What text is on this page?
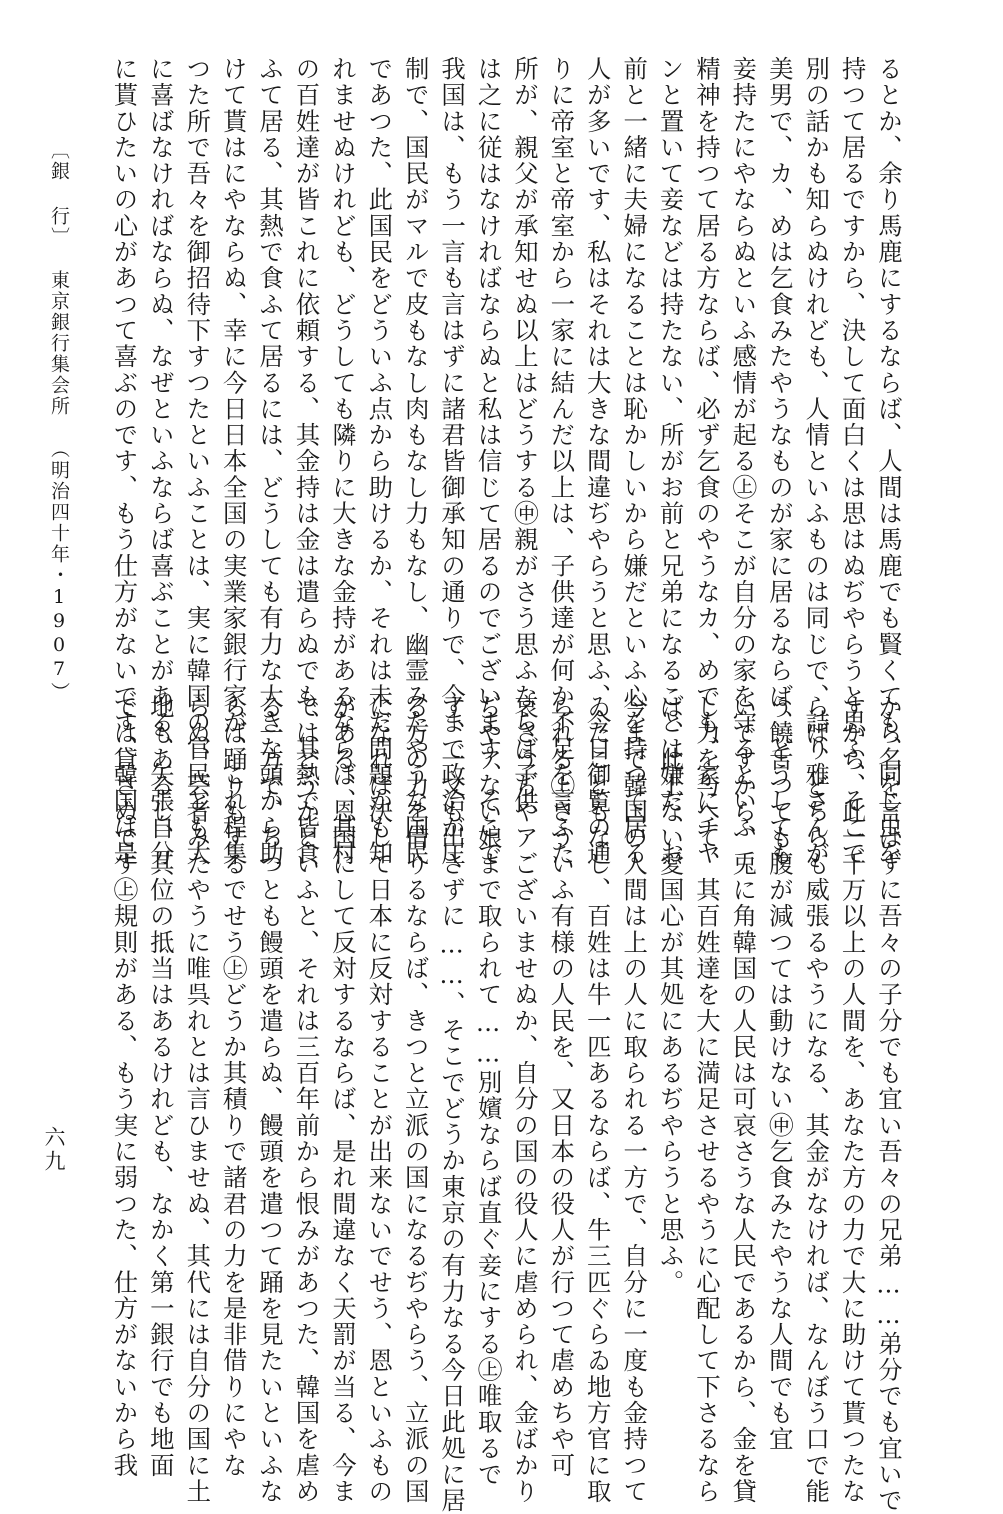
るとか、余り馬鹿にするならば、人間は馬鹿でも賢くても、同じ虫を
持つて居るですから、決して面白くは思はぬぢやらうと思ふ、そこで
別の話かも知らぬけれども、人情といふものは同じで、詰り雅さんが
美男で、カ、めは乞食みたやうなものが家に居るならば、どうしても
妾持たにやならぬといふ感情が起る㊤そこが自分の家を守るといふ
精神を持つて居る方ならば、必ず乞食のやうなカ、めでも、家にチヤ
ンと置いて妾などは持たない、所がお前と兄弟になることは嫌だ、お
前と一緒に夫婦になることは恥かしいから嫌だといふ心を持つて居る
人が多いです、私はそれは大きな間違ぢやらうと思ふ、今日御覧の通
りに帝室と帝室から一家に結んだ以上は、子供達が何か不足を言ふた
所が、親父が承知せぬ以上はどうする㊥親がさう思ふならば子供
は之に従はなければならぬと私は信じて居るのでございます、そこで
我国は、もう一言も言はずに諸君皆御承知の通りで、今まで政治が圧
制で、国民がマルで皮もなし肉もなし力もなし、幽霊みたやうな国民
であつた、此国民をどういふ点から助けるか、それは未だ問題かも知
れませぬけれども、どうしても隣りに大きな金持があるならば、其村
の百姓達が皆これに依頼する、其金持は金は遣らぬでも、其熱で皆食
ふて居る、其熱で食ふて居るには、どうしても有力な大きな頭から助
けて貰はにやならぬ、幸に今日日本全国の実業家銀行家が、これ程集
つた所で吾々を御招待下すつたといふことは、実に韓国の官民とも大
に喜ばなければならぬ、なぜといふならば喜ぶことがある、矢張自分
に貰ひたいの心があつて喜ぶのです、もう仕方がないです、韓国は是
から名を言はずに吾々の子分でも宜い吾々の兄弟……弟分でも宜いで
すから、此一千万以上の人間を、あなた方の力で大に助けて貰つたな
らば、どちらも威張るやうになる、其金がなければ、なんぼう口で能
う饒舌つても腹が減つては動けない㊥乞食みたやうな人間でも宜
いですから、兎に角韓国の人民は可哀さうな人民であるから、金を貸
し力を与へて、其百姓達を大に満足させるやうに心配して下さるなら
ば、此上ない愛国心が其処にあるぢやらうと思ふ。
今まで韓国の人間は上の人に取られる一方で、自分に一度も金持つて
ゐたこともなし、百姓は牛一匹あるならば、牛三匹ぐらゐ地方官に取
られる㊤さういふ有様の人民を、又日本の役人が行つて虐めちや可
哀さうぢやアございませぬか、自分の国の役人に虐められ、金ばかり
ぢやアない娘まで取られて……別嬪ならば直ぐ妾にする㊤唯取るで
す、一文も出さずに……、そこでどうか東京の有力なる今日此処に居
る方の力を借りるならば、きつと立派の国になるぢやらう、立派の国
になれば決して日本に反対することが出来ないでせう、恩といふもの
がある、恩国にして反対するならば、是れ間違なく天罰が当る、今ま
ではどうかといふと、それは三百年前から恨みがあつた、韓国を虐め
る一方で、ちつとも饅頭を遣らぬ、饅頭を遣つて踊を見たいといふな
らば踊りもするでせう㊤どうか其積りで諸君の力を是非借りにやな
らぬ、芸者みたやうに唯呉れとは言ひませぬ、其代には自分の国に土
地もあるし、其位の抵当はあるけれども、なかく第一銀行でも地面
では貸さぬです㊤規則がある、もう実に弱つた、仕方がないから我
〔銀 行〕東京銀行集会所（明治四十年・1907）
六九
